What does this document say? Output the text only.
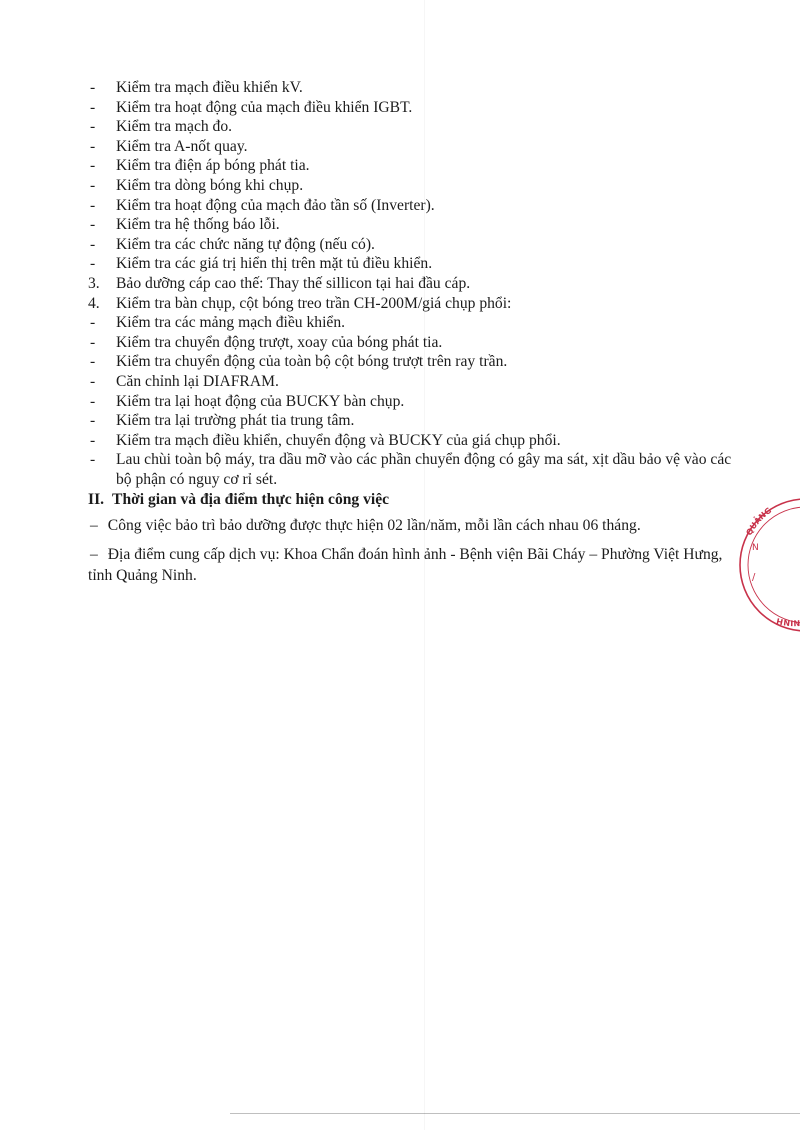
- Kiểm tra mạch điều khiển kV.
- Kiểm tra hoạt động của mạch điều khiển IGBT.
- Kiểm tra mạch đo.
- Kiểm tra A-nốt quay.
- Kiểm tra điện áp bóng phát tia.
- Kiểm tra dòng bóng khi chụp.
- Kiểm tra hoạt động của mạch đảo tần số (Inverter).
- Kiểm tra hệ thống báo lỗi.
- Kiểm tra các chức năng tự động (nếu có).
- Kiểm tra các giá trị hiển thị trên mặt tủ điều khiển.
3. Bảo dưỡng cáp cao thế: Thay thế sillicon tại hai đầu cáp.
4. Kiểm tra bàn chụp, cột bóng treo trần CH-200M/giá chụp phổi:
- Kiểm tra các mảng mạch điều khiển.
- Kiểm tra chuyển động trượt, xoay của bóng phát tia.
- Kiểm tra chuyển động của toàn bộ cột bóng trượt trên ray trần.
- Căn chỉnh lại DIAFRAM.
- Kiểm tra lại hoạt động của BUCKY bàn chụp.
- Kiểm tra lại trường phát tia trung tâm.
- Kiểm tra mạch điều khiển, chuyển động và BUCKY của giá chụp phổi.
- Lau chùi toàn bộ máy, tra dầu mỡ vào các phần chuyển động có gây ma sát, xịt dầu bảo vệ vào các bộ phận có nguy cơ rỉ sét.
II. Thời gian và địa điểm thực hiện công việc
– Công việc bảo trì bảo dưỡng được thực hiện 02 lần/năm, mỗi lần cách nhau 06 tháng.
– Địa điểm cung cấp dịch vụ: Khoa Chẩn đoán hình ảnh - Bệnh viện Bãi Cháy – Phường Việt Hưng, tỉnh Quảng Ninh.
QUẢNG
NINH
N
/
